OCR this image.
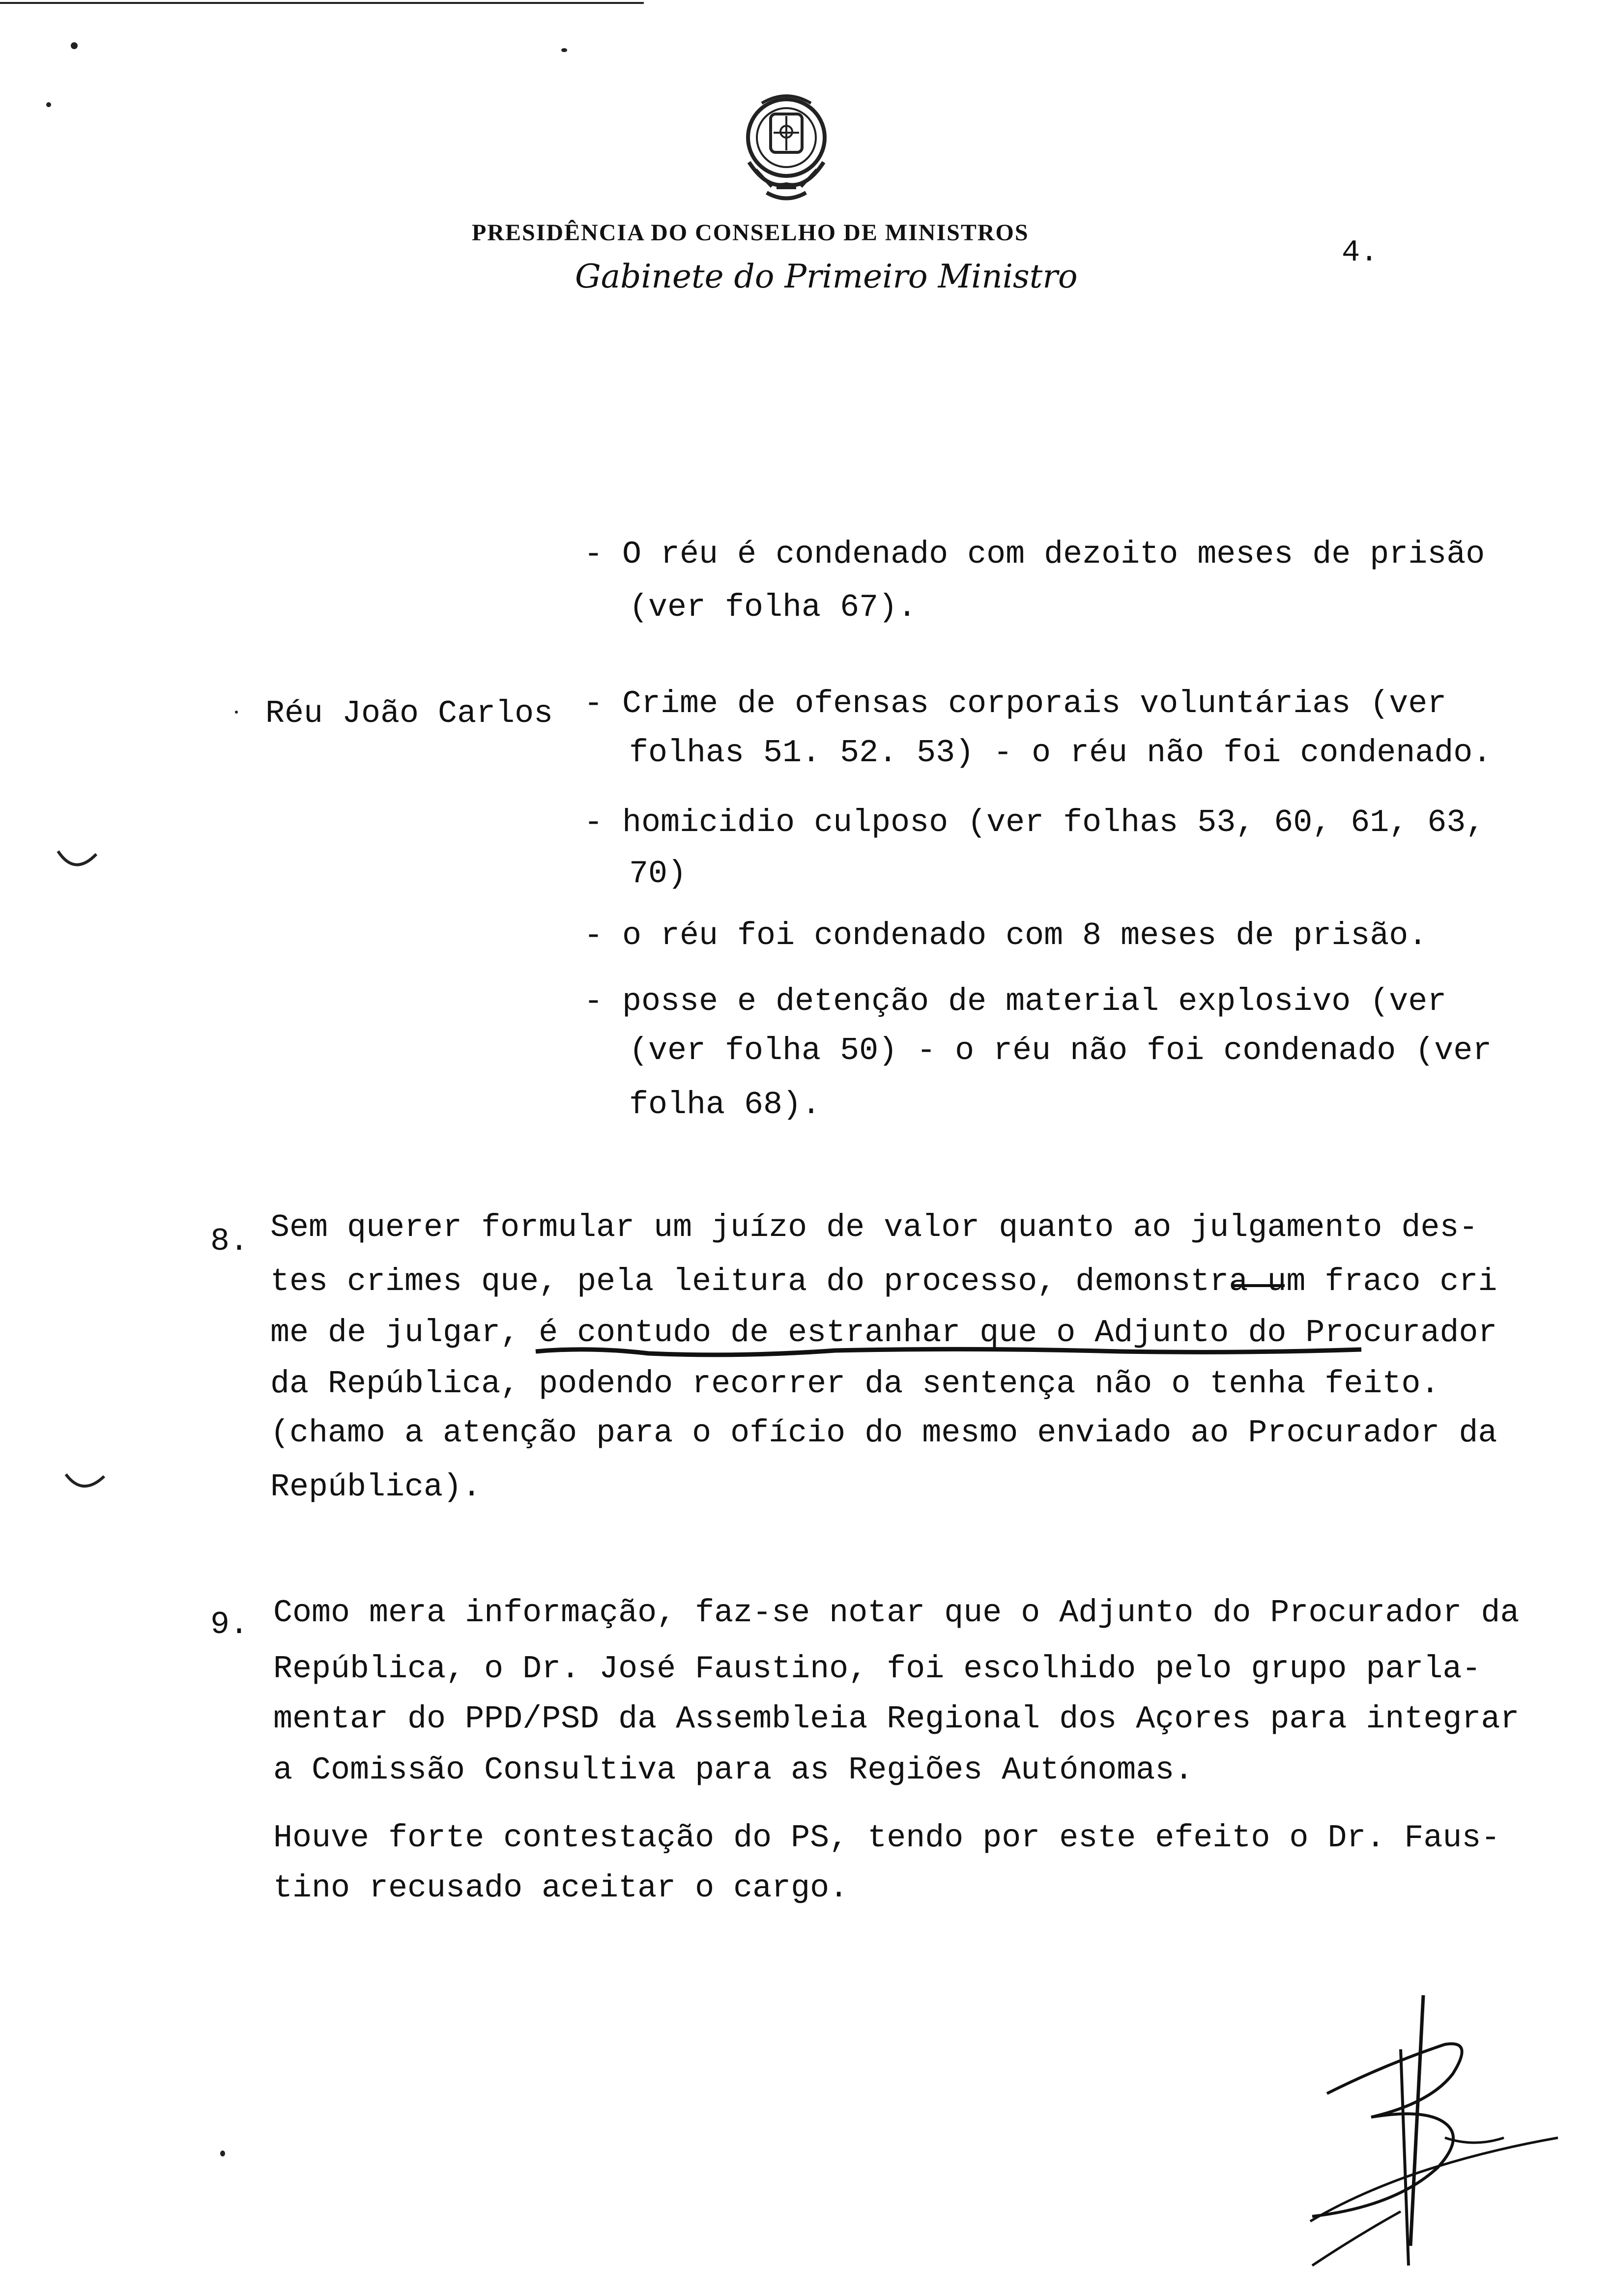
PRESIDÊNCIA DO CONSELHO DE MINISTROS
Gabinete do Primeiro Ministro
4.
- O réu é condenado com dezoito meses de prisão
(ver folha 67).
Réu João Carlos - Crime de ofensas corporais voluntárias (ver
folhas 51. 52. 53) - o réu não foi condenado.
- homicidio culposo (ver folhas 53, 60, 61, 63,
70)
- o réu foi condenado com 8 meses de prisão.
- posse e detenção de material explosivo (ver
(ver folha 50) - o réu não foi condenado (ver
folha 68).
8. Sem querer formular um juízo de valor quanto ao julgamento des-
tes crimes que, pela leitura do processo, demonstra um fraco cri
me de julgar, é contudo de estranhar que o Adjunto do Procurador
da República, podendo recorrer da sentença não o tenha feito.
(chamo a atenção para o ofício do mesmo enviado ao Procurador da
República).
9. Como mera informação, faz-se notar que o Adjunto do Procurador da
República, o Dr. José Faustino, foi escolhido pelo grupo parla-
mentar do PPD/PSD da Assembleia Regional dos Açores para integrar
a Comissão Consultiva para as Regiões Autónomas.
Houve forte contestação do PS, tendo por este efeito o Dr. Faus-
tino recusado aceitar o cargo.
